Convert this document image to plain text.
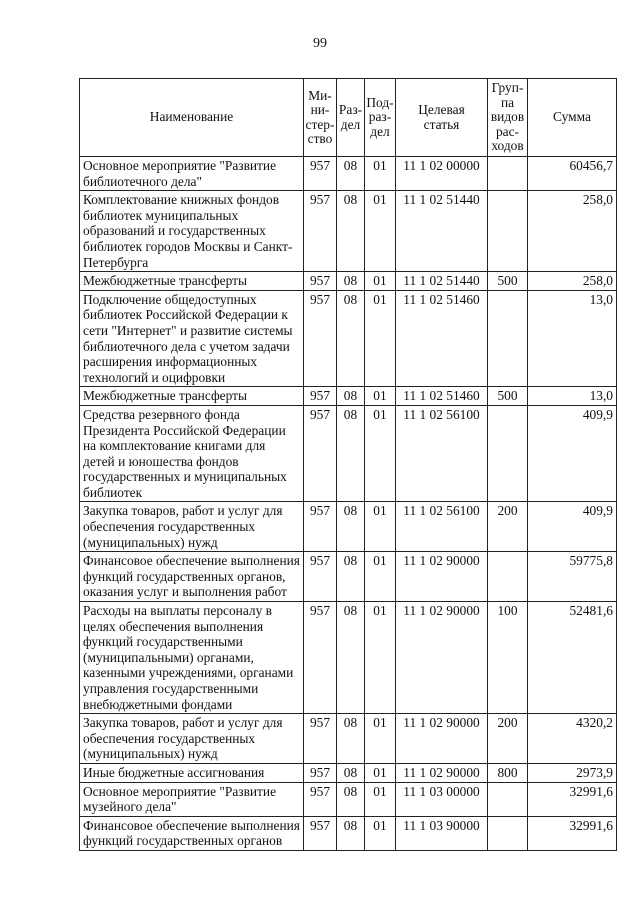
99
Наименование	Ми-
ни-
стер-
ство	Раз-
дел	Под-
раз-
дел	Целевая
статья	Груп-
па
видов
рас-
ходов	Сумма
Основное мероприятие "Развитие библиотечного дела"	957	08	01	11 1 02 00000		60456,7
Комплектование книжных фондов библиотек муниципальных образований и государственных библиотек городов Москвы и Санкт-Петербурга	957	08	01	11 1 02 51440		258,0
Межбюджетные трансферты	957	08	01	11 1 02 51440	500	258,0
Подключение общедоступных библиотек Российской Федерации к сети "Интернет" и развитие системы библиотечного дела с учетом задачи расширения информационных технологий и оцифровки	957	08	01	11 1 02 51460		13,0
Межбюджетные трансферты	957	08	01	11 1 02 51460	500	13,0
Средства резервного фонда Президента Российской Федерации на комплектование книгами для детей и юношества фондов государственных и муниципальных библиотек	957	08	01	11 1 02 56100		409,9
Закупка товаров, работ и услуг для обеспечения государственных (муниципальных) нужд	957	08	01	11 1 02 56100	200	409,9
Финансовое обеспечение выполнения функций государственных органов, оказания услуг и выполнения работ	957	08	01	11 1 02 90000		59775,8
Расходы на выплаты персоналу в целях обеспечения выполнения функций государственными (муниципальными) органами, казенными учреждениями, органами управления государственными внебюджетными фондами	957	08	01	11 1 02 90000	100	52481,6
Закупка товаров, работ и услуг для обеспечения государственных (муниципальных) нужд	957	08	01	11 1 02 90000	200	4320,2
Иные бюджетные ассигнования	957	08	01	11 1 02 90000	800	2973,9
Основное мероприятие "Развитие музейного дела"	957	08	01	11 1 03 00000		32991,6
Финансовое обеспечение выполнения функций государственных органов	957	08	01	11 1 03 90000		32991,6
